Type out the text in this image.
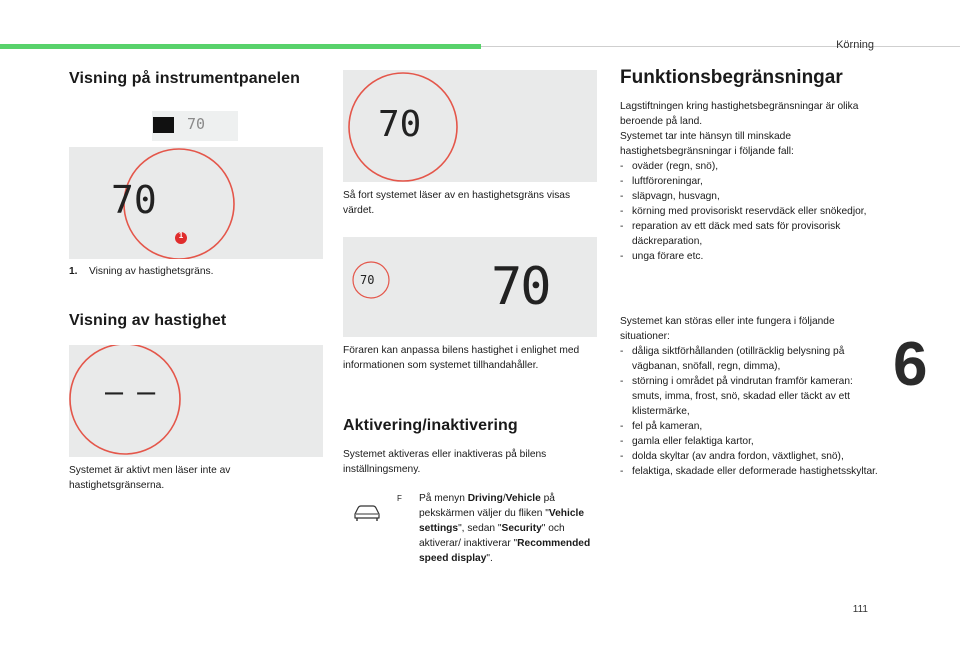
Körning
Visning på instrumentpanelen
70
70
1
1. Visning av hastighetsgräns.
Visning av hastighet
– –
Systemet är aktivt men läser inte av hastighetsgränserna.
70
Så fort systemet läser av en hastighetsgräns visas värdet.
70 70
Föraren kan anpassa bilens hastighet i enlighet med informationen som systemet tillhandahåller.
Aktivering/inaktivering
Systemet aktiveras eller inaktiveras på bilens inställningsmeny.
F På menyn Driving/Vehicle på pekskärmen väljer du fliken "Vehicle settings", sedan "Security" och aktiverar/ inaktiverar "Recommended speed display".
Funktionsbegränsningar
Lagstiftningen kring hastighetsbegränsningar är olika beroende på land.
Systemet tar inte hänsyn till minskade hastighetsbegränsningar i följande fall:
- oväder (regn, snö),
- luftföroreningar,
- släpvagn, husvagn,
- körning med provisoriskt reservdäck eller snökedjor,
- reparation av ett däck med sats för provisorisk däckreparation,
- unga förare etc.
Systemet kan störas eller inte fungera i följande situationer:
- dåliga siktförhållanden (otillräcklig belysning på vägbanan, snöfall, regn, dimma),
- störning i området på vindrutan framför kameran: smuts, imma, frost, snö, skadad eller täckt av ett klistermärke,
- fel på kameran,
- gamla eller felaktiga kartor,
- dolda skyltar (av andra fordon, växtlighet, snö),
- felaktiga, skadade eller deformerade hastighetsskyltar.
6
111
